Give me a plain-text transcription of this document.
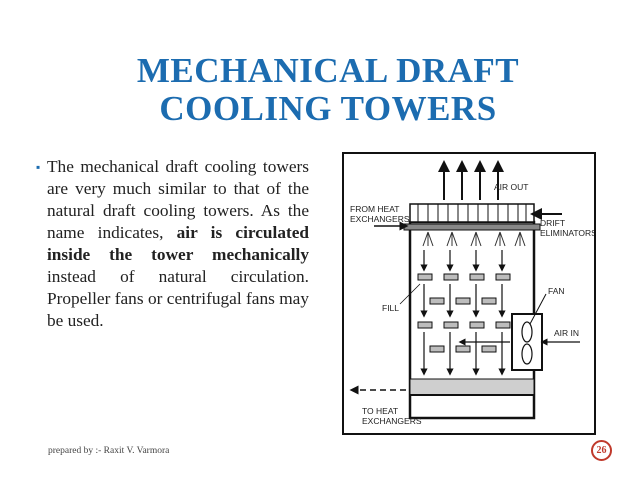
MECHANICAL DRAFT
COOLING TOWERS
▪ The mechanical draft cooling towers are very much similar to that of the natural draft cooling towers. As the name indicates, air is circulated inside the tower mechanically instead of natural circulation. Propeller fans or centrifugal fans may be used.
AIR OUT
FROM HEAT
EXCHANGERS	DRIFT
ELIMINATORS
FAN
FILL
AIR IN
TO HEAT
EXCHANGERS
prepared by :- Raxit V. Varmora	26
